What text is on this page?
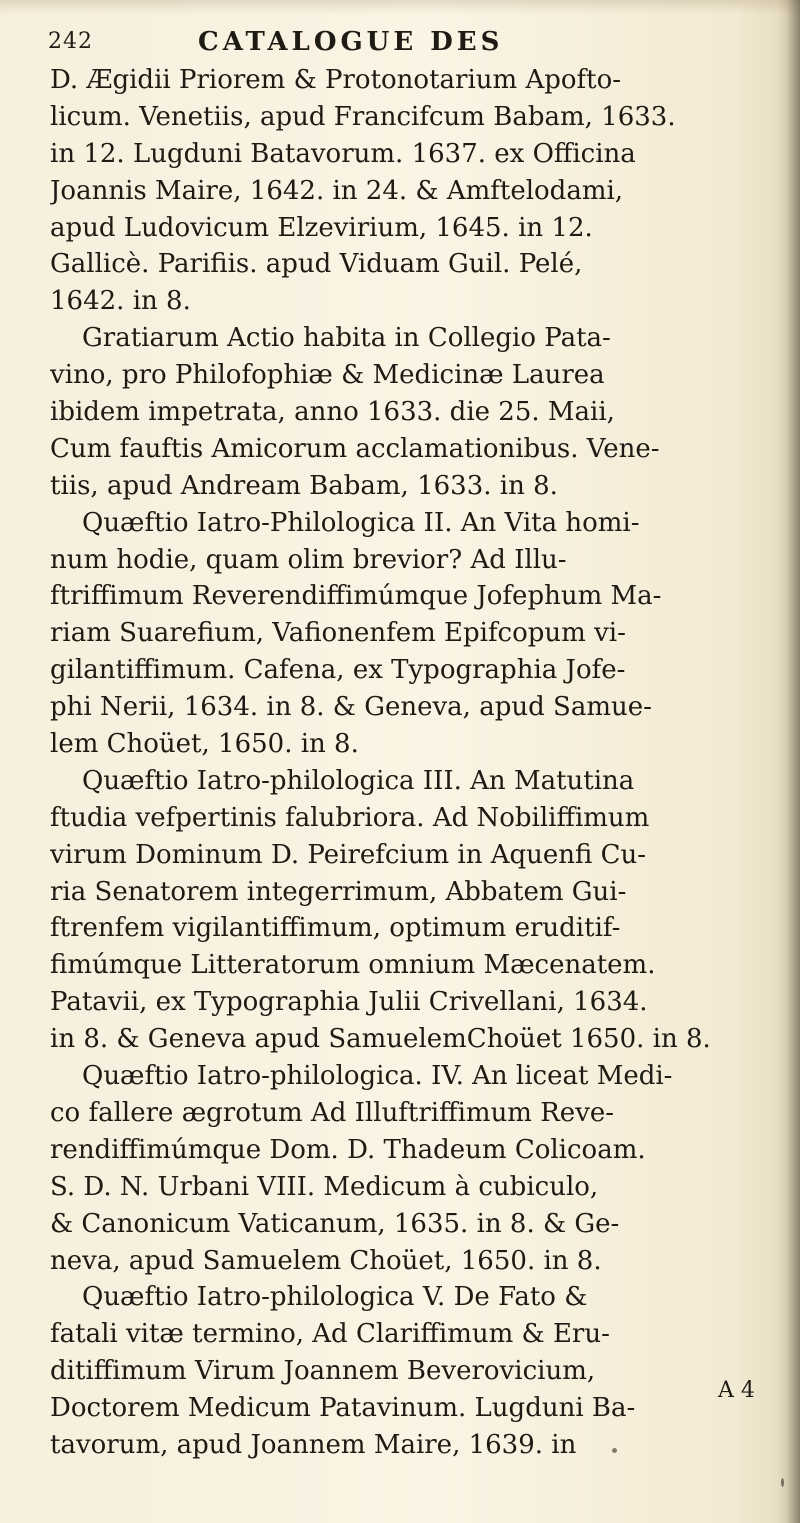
242	CATALOGUE DES
D. Ægidii Priorem & Protonotarium Apofto-
licum. Venetiis, apud Francifcum Babam, 1633.
in 12. Lugduni Batavorum. 1637. ex Officina
Joannis Maire, 1642. in 24. & Amftelodami,
apud Ludovicum Elzevirium, 1645. in 12.
Gallicè. Parifiis. apud Viduam Guil. Pelé,
1642. in 8.
Gratiarum Actio habita in Collegio Pata-
vino, pro Philofophiæ & Medicinæ Laurea
ibidem impetrata, anno 1633. die 25. Maii,
Cum fauftis Amicorum acclamationibus. Vene-
tiis, apud Andream Babam, 1633. in 8.
Quæftio Iatro-Philologica II. An Vita homi-
num hodie, quam olim brevior? Ad Illu-
ftriffimum Reverendiffimúmque Jofephum Ma-
riam Suarefium, Vafionenfem Epifcopum vi-
gilantiffimum. Cafena, ex Typographia Jofe-
phi Nerii, 1634. in 8. & Geneva, apud Samue-
lem Choüet, 1650. in 8.
Quæftio Iatro-philologica III. An Matutina
ftudia vefpertinis falubriora. Ad Nobiliffimum
virum Dominum D. Peirefcium in Aquenfi Cu-
ria Senatorem integerrimum, Abbatem Gui-
ftrenfem vigilantiffimum, optimum eruditif-
fimúmque Litteratorum omnium Mæcenatem.
Patavii, ex Typographia Julii Crivellani, 1634.
in 8. & Geneva apud SamuelemChoüet 1650. in 8.
Quæftio Iatro-philologica. IV. An liceat Medi-
co fallere ægrotum Ad Illuftriffimum Reve-
rendiffimúmque Dom. D. Thadeum Colicoam.
S. D. N. Urbani VIII. Medicum à cubiculo,
& Canonicum Vaticanum, 1635. in 8. & Ge-
neva, apud Samuelem Choüet, 1650. in 8.
Quæftio Iatro-philologica V. De Fato &
fatali vitæ termino, Ad Clariffimum & Eru-
ditiffimum Virum Joannem Beverovicium,
Doctorem Medicum Patavinum. Lugduni Ba-
tavorum, apud Joannem Maire, 1639. in
A 4
